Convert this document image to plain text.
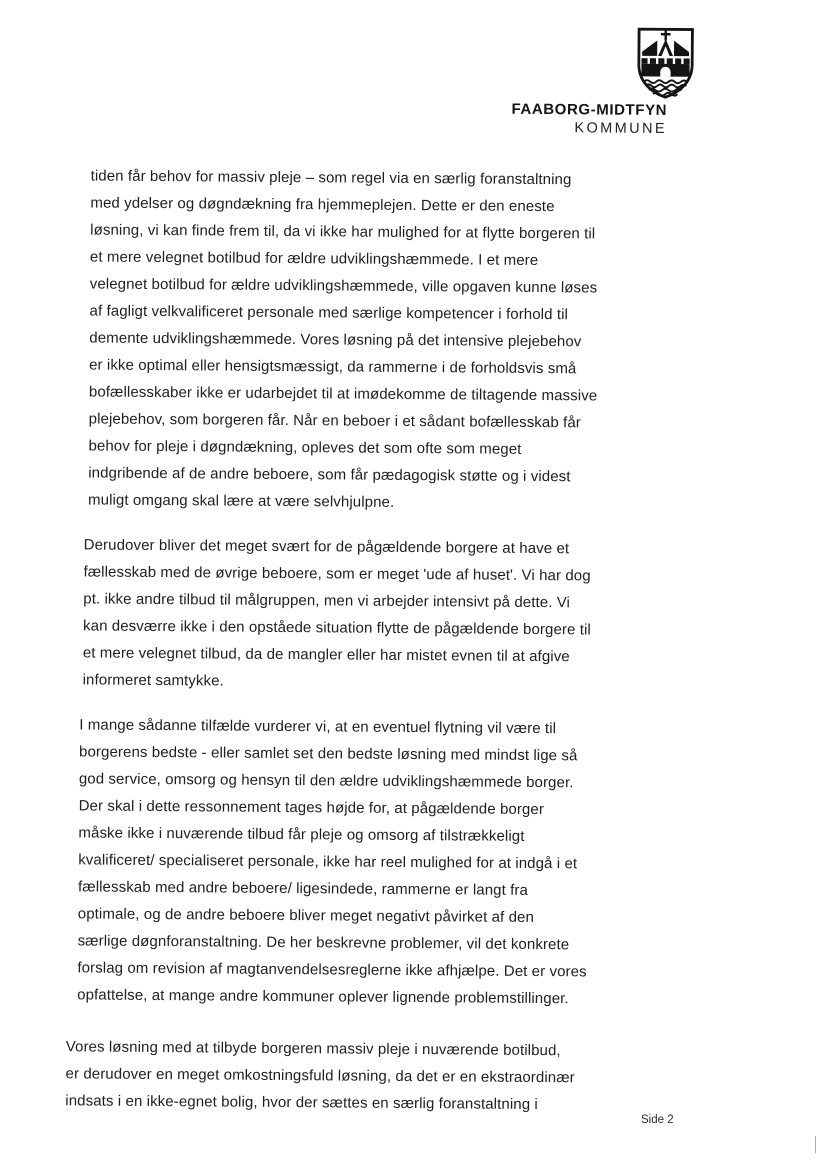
FAABORG-MIDTFYN
KOMMUNE
tiden får behov for massiv pleje – som regel via en særlig foranstaltning
med ydelser og døgndækning fra hjemmeplejen. Dette er den eneste
løsning, vi kan finde frem til, da vi ikke har mulighed for at flytte borgeren til
et mere velegnet botilbud for ældre udviklingshæmmede. I et mere
velegnet botilbud for ældre udviklingshæmmede, ville opgaven kunne løses
af fagligt velkvalificeret personale med særlige kompetencer i forhold til
demente udviklingshæmmede. Vores løsning på det intensive plejebehov
er ikke optimal eller hensigtsmæssigt, da rammerne i de forholdsvis små
bofællesskaber ikke er udarbejdet til at imødekomme de tiltagende massive
plejebehov, som borgeren får. Når en beboer i et sådant bofællesskab får
behov for pleje i døgndækning, opleves det som ofte som meget
indgribende af de andre beboere, som får pædagogisk støtte og i videst
muligt omgang skal lære at være selvhjulpne.
Derudover bliver det meget svært for de pågældende borgere at have et
fællesskab med de øvrige beboere, som er meget 'ude af huset'. Vi har dog
pt. ikke andre tilbud til målgruppen, men vi arbejder intensivt på dette. Vi
kan desværre ikke i den opståede situation flytte de pågældende borgere til
et mere velegnet tilbud, da de mangler eller har mistet evnen til at afgive
informeret samtykke.
I mange sådanne tilfælde vurderer vi, at en eventuel flytning vil være til
borgerens bedste - eller samlet set den bedste løsning med mindst lige så
god service, omsorg og hensyn til den ældre udviklingshæmmede borger.
Der skal i dette ressonnement tages højde for, at pågældende borger
måske ikke i nuværende tilbud får pleje og omsorg af tilstrækkeligt
kvalificeret/ specialiseret personale, ikke har reel mulighed for at indgå i et
fællesskab med andre beboere/ ligesindede, rammerne er langt fra
optimale, og de andre beboere bliver meget negativt påvirket af den
særlige døgnforanstaltning. De her beskrevne problemer, vil det konkrete
forslag om revision af magtanvendelsesreglerne ikke afhjælpe. Det er vores
opfattelse, at mange andre kommuner oplever lignende problemstillinger.
Vores løsning med at tilbyde borgeren massiv pleje i nuværende botilbud,
er derudover en meget omkostningsfuld løsning, da det er en ekstraordinær
indsats i en ikke-egnet bolig, hvor der sættes en særlig foranstaltning i
Side 2
